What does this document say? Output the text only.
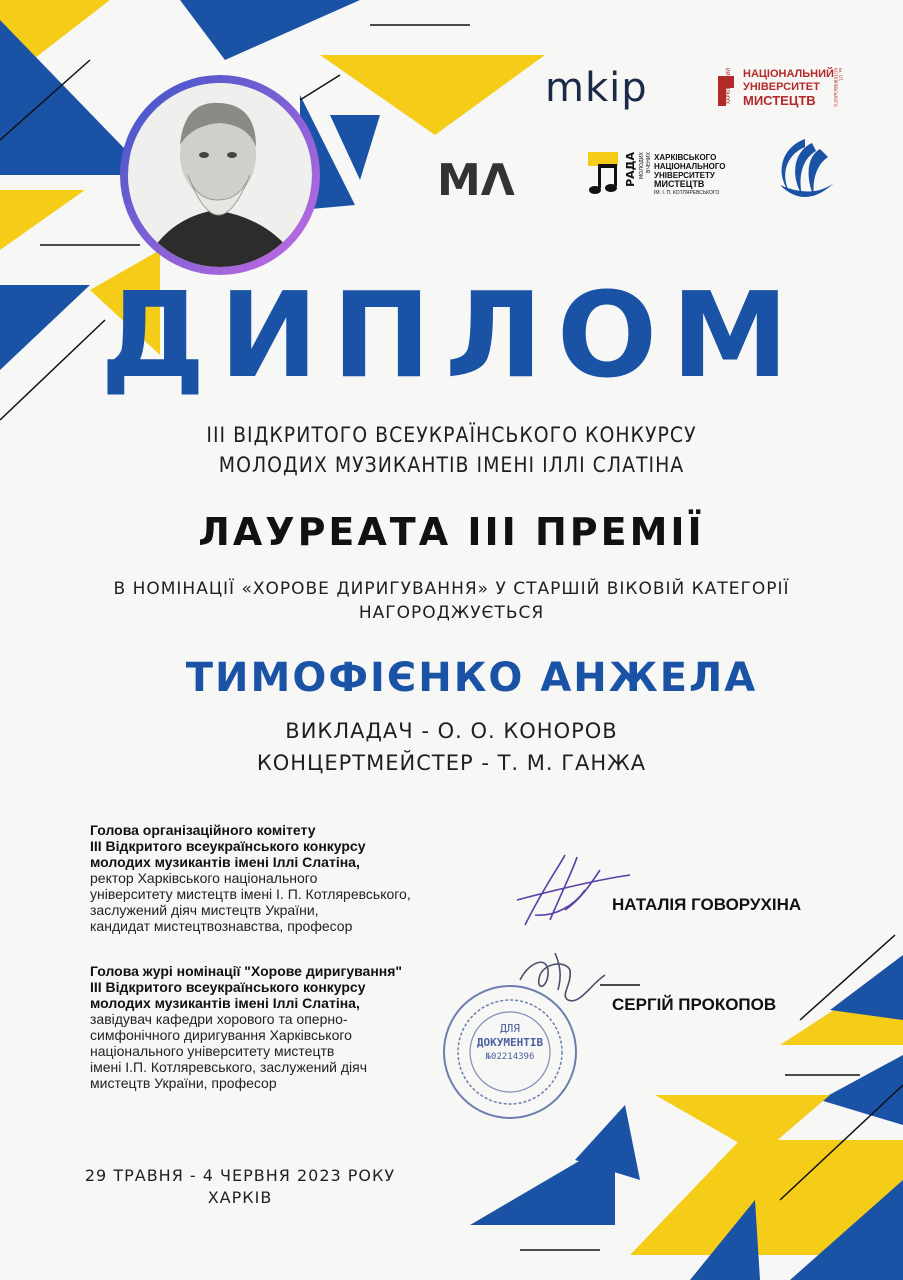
mkip	НАЦІОНАЛЬНИЙ
УНІВЕРСИТЕТ
МИСТЕЦТВ
ХАРКІВСЬКИЙ	ім. І.П. КОТЛЯРЕВСЬКОГО
MΛ	РАДА МОЛОДИХ ВЧЕНИХ ХАРКІВСЬКОГО
НАЦІОНАЛЬНОГО
УНІВЕРСИТЕТУ
МИСТЕЦТВ
ІМ. І. П. КОТЛЯРЕВСЬКОГО
ДИПЛОМ
III ВІДКРИТОГО ВСЕУКРАЇНСЬКОГО КОНКУРСУ
МОЛОДИХ МУЗИКАНТІВ ІМЕНІ ІЛЛІ СЛАТІНА
ЛАУРЕАТА III ПРЕМІЇ
В НОМІНАЦІЇ «ХОРОВЕ ДИРИГУВАННЯ» У СТАРШІЙ ВІКОВІЙ КАТЕГОРІЇ
НАГОРОДЖУЄТЬСЯ
ТИМОФІЄНКО АНЖЕЛА
ВИКЛАДАЧ - О. О. КОНОРОВ
КОНЦЕРТМЕЙСТЕР - Т. М. ГАНЖА
Голова організаційного комітету
III Відкритого всеукраїнського конкурсу
молодих музикантів імені Іллі Слатіна,
ректор Харківського національного
університету мистецтв імені І. П. Котляревського,
заслужений діяч мистецтв України,
кандидат мистецтвознавства, професор
НАТАЛІЯ ГОВОРУХІНА
Голова журі номінації "Хорове диригування"
III Відкритого всеукраїнського конкурсу
молодих музикантів імені Іллі Слатіна,
завідувач кафедри хорового та оперно-
симфонічного диригування Харківського
національного університету мистецтв
імені І.П. Котляревського, заслужений діяч
мистецтв України, професор
ДЛЯ
ДОКУМЕНТІВ
№02214396
СЕРГІЙ ПРОКОПОВ
29 ТРАВНЯ - 4 ЧЕРВНЯ 2023 РОКУ
ХАРКІВ
